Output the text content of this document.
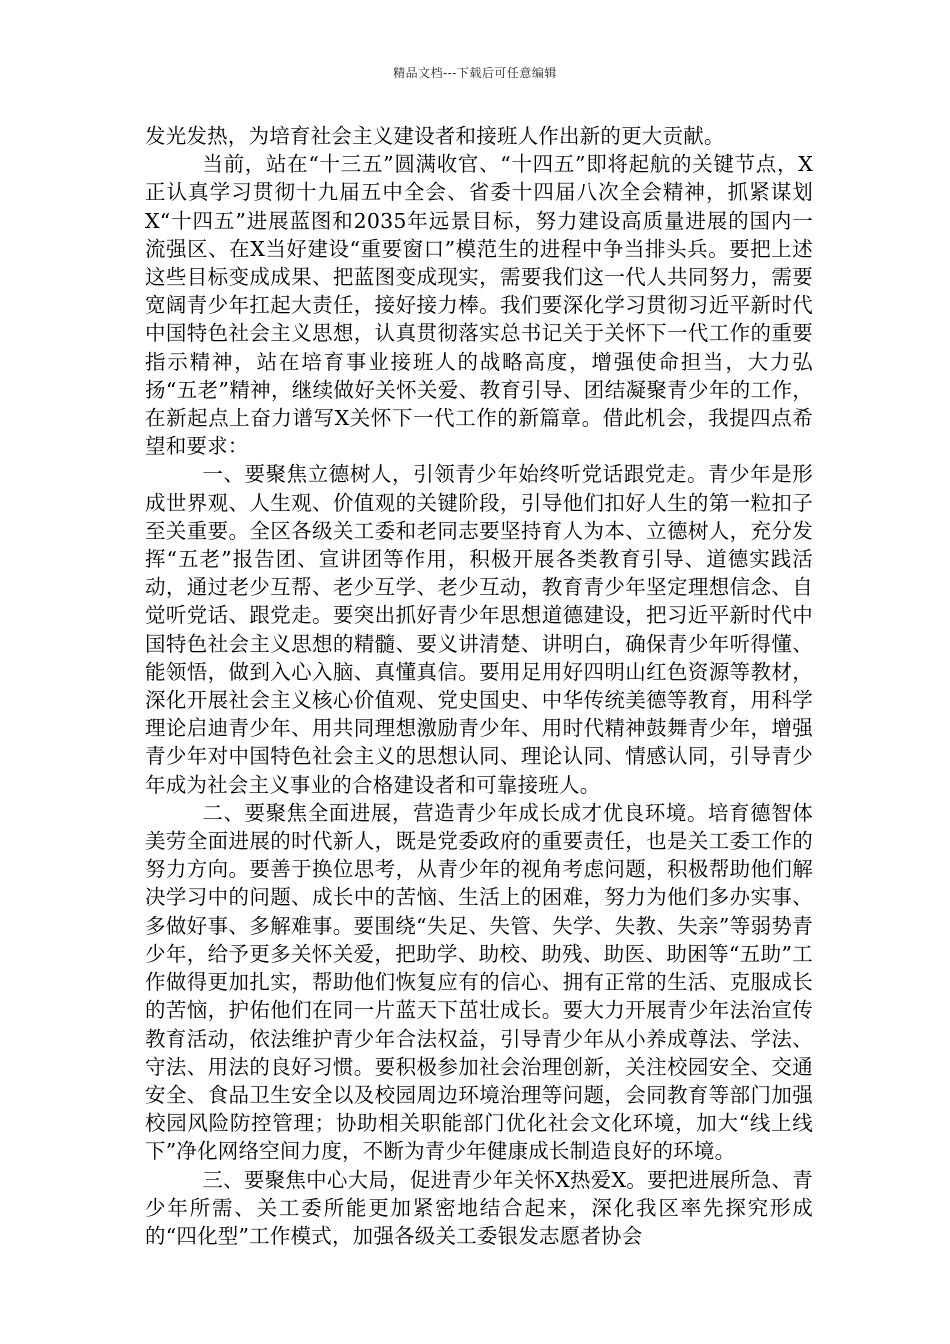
精品文档---下载后可任意编辑

发光发热，为培育社会主义建设者和接班人作出新的更大贡献。

当前，站在“十三五”圆满收官、“十四五”即将起航的关键节点，X正认真学习贯彻十九届五中全会、省委十四届八次全会精神，抓紧谋划X“十四五”进展蓝图和2035年远景目标，努力建设高质量进展的国内一流强区、在X当好建设“重要窗口”模范生的进程中争当排头兵。要把上述这些目标变成成果、把蓝图变成现实，需要我们这一代人共同努力，需要宽阔青少年扛起大责任，接好接力棒。我们要深化学习贯彻习近平新时代中国特色社会主义思想，认真贯彻落实总书记关于关怀下一代工作的重要指示精神，站在培育事业接班人的战略高度，增强使命担当，大力弘扬“五老”精神，继续做好关怀关爱、教育引导、团结凝聚青少年的工作，在新起点上奋力谱写X关怀下一代工作的新篇章。借此机会，我提四点希望和要求：

一、要聚焦立德树人，引领青少年始终听党话跟党走。青少年是形成世界观、人生观、价值观的关键阶段，引导他们扣好人生的第一粒扣子至关重要。全区各级关工委和老同志要坚持育人为本、立德树人，充分发挥“五老”报告团、宣讲团等作用，积极开展各类教育引导、道德实践活动，通过老少互帮、老少互学、老少互动，教育青少年坚定理想信念、自觉听党话、跟党走。要突出抓好青少年思想道德建设，把习近平新时代中国特色社会主义思想的精髓、要义讲清楚、讲明白，确保青少年听得懂、能领悟，做到入心入脑、真懂真信。要用足用好四明山红色资源等教材，深化开展社会主义核心价值观、党史国史、中华传统美德等教育，用科学理论启迪青少年、用共同理想激励青少年、用时代精神鼓舞青少年，增强青少年对中国特色社会主义的思想认同、理论认同、情感认同，引导青少年成为社会主义事业的合格建设者和可靠接班人。

二、要聚焦全面进展，营造青少年成长成才优良环境。培育德智体美劳全面进展的时代新人，既是党委政府的重要责任，也是关工委工作的努力方向。要善于换位思考，从青少年的视角考虑问题，积极帮助他们解决学习中的问题、成长中的苦恼、生活上的困难，努力为他们多办实事、多做好事、多解难事。要围绕“失足、失管、失学、失教、失亲”等弱势青少年，给予更多关怀关爱，把助学、助校、助残、助医、助困等“五助”工作做得更加扎实，帮助他们恢复应有的信心、拥有正常的生活、克服成长的苦恼，护佑他们在同一片蓝天下茁壮成长。要大力开展青少年法治宣传教育活动，依法维护青少年合法权益，引导青少年从小养成尊法、学法、守法、用法的良好习惯。要积极参加社会治理创新，关注校园安全、交通安全、食品卫生安全以及校园周边环境治理等问题，会同教育等部门加强校园风险防控管理；协助相关职能部门优化社会文化环境，加大“线上线下”净化网络空间力度，不断为青少年健康成长制造良好的环境。

三、要聚焦中心大局，促进青少年关怀X热爱X。要把进展所急、青少年所需、关工委所能更加紧密地结合起来，深化我区率先探究形成的“四化型”工作模式，加强各级关工委银发志愿者协会
